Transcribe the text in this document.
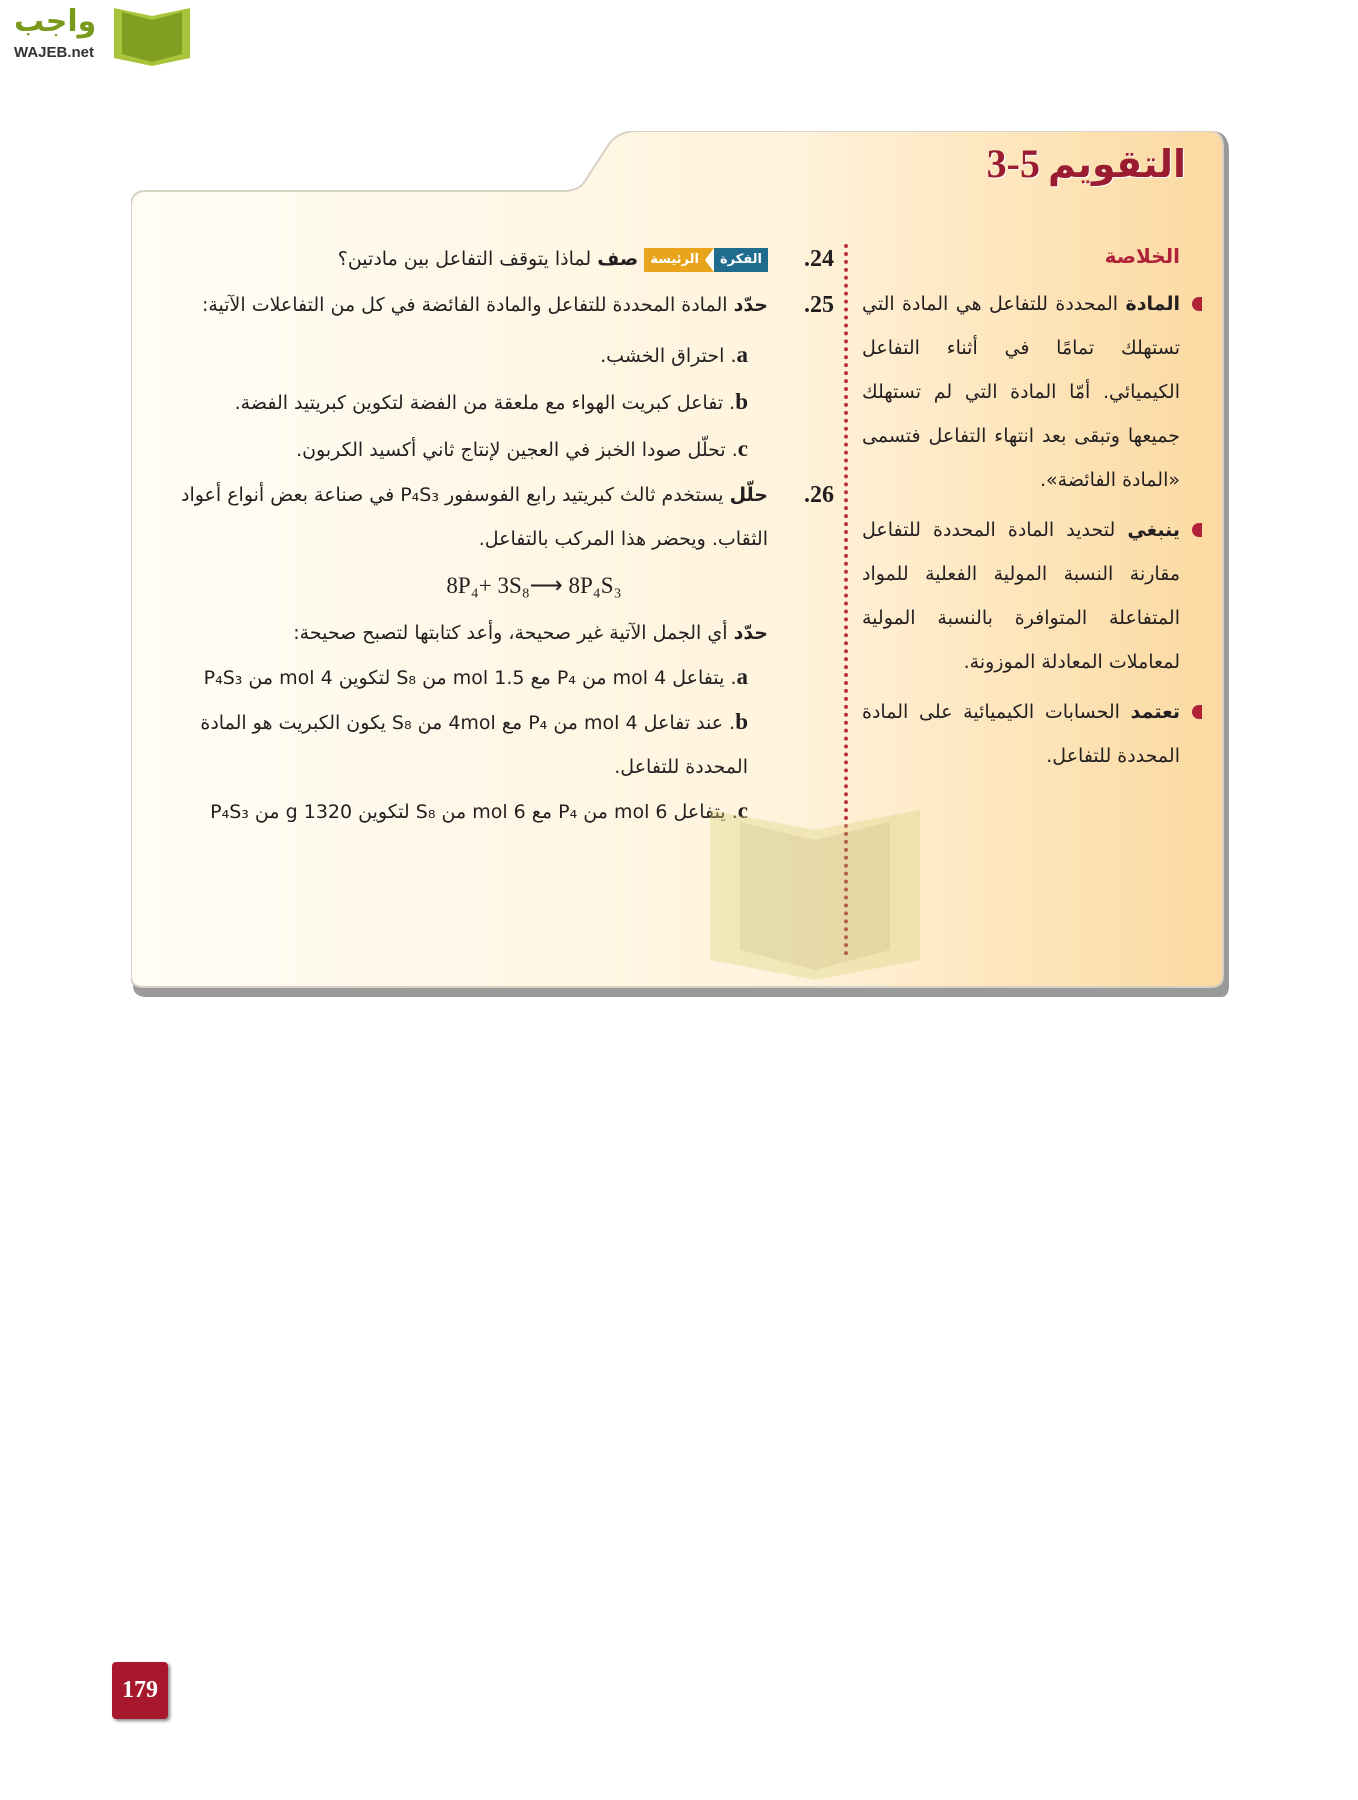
واجب
WAJEB.net
التقويم5-3
الخلاصة
المادة المحددة للتفاعل هي المادة التي تستهلك تمامًا في أثناء التفاعل الكيميائي. أمّا المادة التي لم تستهلك جميعها وتبقى بعد انتهاء التفاعل فتسمى «المادة الفائضة».
ينبغي لتحديد المادة المحددة للتفاعل مقارنة النسبة المولية الفعلية للمواد المتفاعلة المتوافرة بالنسبة المولية لمعاملات المعادلة الموزونة.
تعتمد الحسابات الكيميائية على المادة المحددة للتفاعل.
24.
الفكرة
الرئيسة
صف لماذا يتوقف التفاعل بين مادتين؟
25.
حدّد المادة المحددة للتفاعل والمادة الفائضة في كل من التفاعلات الآتية:
a. احتراق الخشب.
b. تفاعل كبريت الهواء مع ملعقة من الفضة لتكوين كبريتيد الفضة.
c. تحلّل صودا الخبز في العجين لإنتاج ثاني أكسيد الكربون.
26.
حلّل يستخدم ثالث كبريتيد رابع الفوسفور P₄S₃ في صناعة بعض أنواع أعواد الثقاب. ويحضر هذا المركب بالتفاعل.
8P₄+ 3S₈⟶ 8P₄S₃
حدّد أي الجمل الآتية غير صحيحة، وأعد كتابتها لتصبح صحيحة:
a. يتفاعل 4 mol من P₄ مع 1.5 mol من S₈ لتكوين 4 mol من P₄S₃
b. عند تفاعل 4 mol من P₄ مع 4mol من S₈ يكون الكبريت هو المادة المحددة للتفاعل.
c. يتفاعل 6 mol من P₄ مع 6 mol من S₈ لتكوين 1320 g من P₄S₃
179
